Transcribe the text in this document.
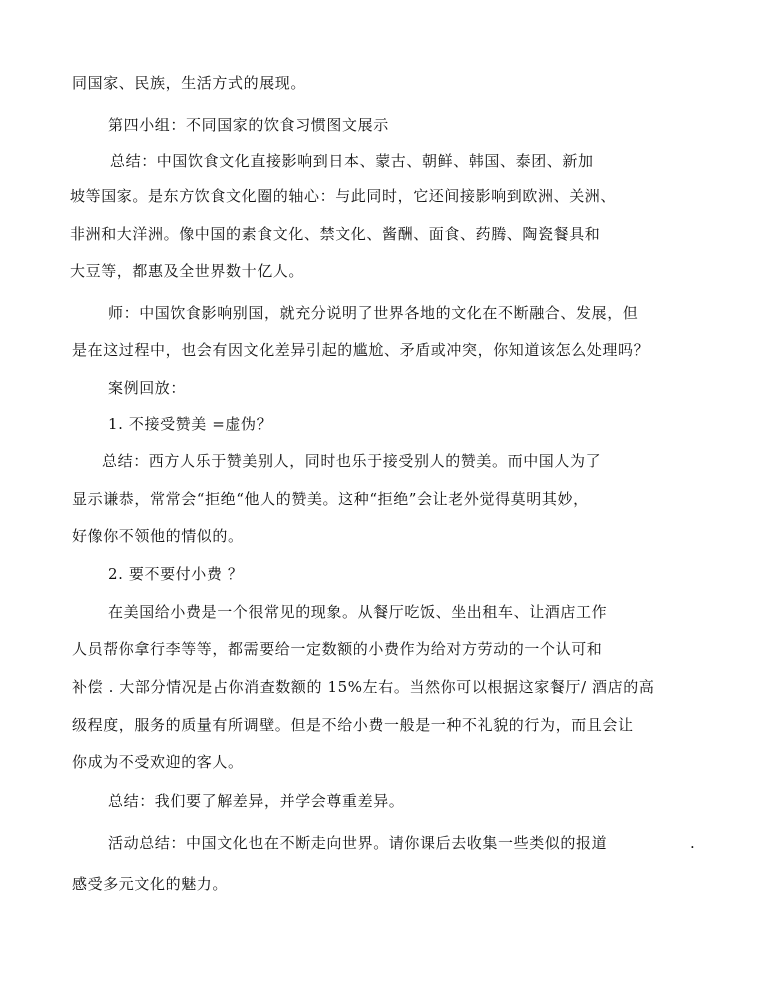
同国家、民族，生活方式的展现。
第四小组：不同国家的饮食习惯图文展示
总结：中国饮食文化直接影响到日本、蒙古、朝鲜、韩国、泰团、新加
坡等国家。是东方饮食文化圈的轴心：与此同时，它还间接影响到欧洲、关洲、
非洲和大洋洲。像中国的素食文化、禁文化、酱酬、面食、药腾、陶瓷餐具和
大豆等，都惠及全世界数十亿人。
师：中国饮食影响别国，就充分说明了世界各地的文化在不断融合、发展，但
是在这过程中，也会有因文化差异引起的尴尬、矛盾或冲突，你知道该怎么处理吗？
案例回放：
1. 不接受赞美 =虚伪？
总结：西方人乐于赞美别人，同时也乐于接受别人的赞美。而中国人为了
显示谦恭，常常会“拒绝“他人的赞美。这种“拒绝”会让老外觉得莫明其妙，
好像你不领他的情似的。
2. 要不要付小费 ？
在美国给小费是一个很常见的现象。从餐厅吃饭、坐出租车、让酒店工作
人员帮你拿行李等等，都需要给一定数额的小费作为给对方劳动的一个认可和
补偿 . 大部分情况是占你消查数额的 15%左右。当然你可以根据这家餐厅/ 酒店的高
级程度，服务的质量有所调壁。但是不给小费一般是一种不礼貌的行为，而且会让
你成为不受欢迎的客人。
总结：我们要了解差异，并学会尊重差异。
活动总结：中国文化也在不断走向世界。请你课后去收集一些类似的报道	.
感受多元文化的魅力。
